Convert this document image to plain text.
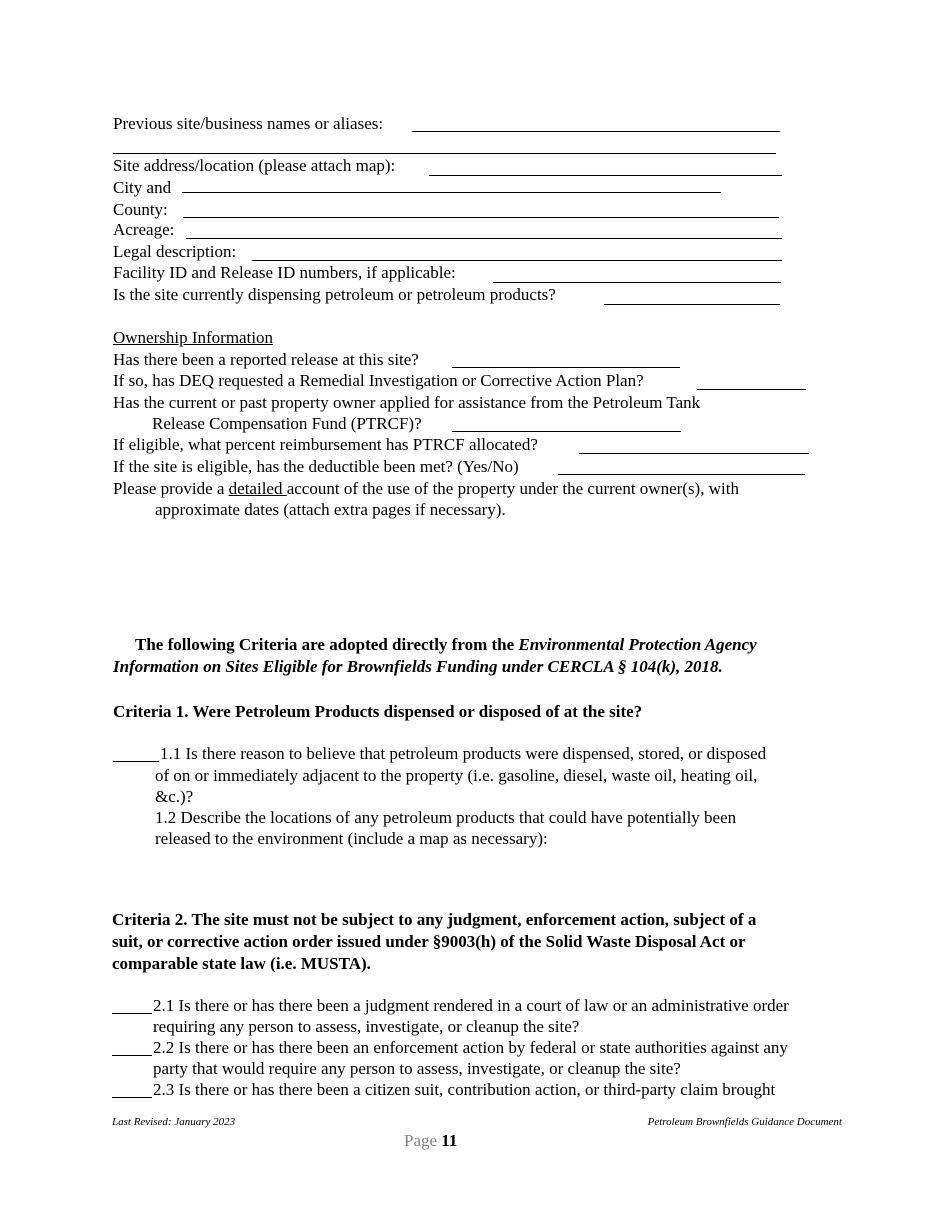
Previous site/business names or aliases:
Site address/location (please attach map):
City and
County:
Acreage:
Legal description:
Facility ID and Release ID numbers, if applicable:
Is the site currently dispensing petroleum or petroleum products?
Ownership Information
Has there been a reported release at this site?
If so, has DEQ requested a Remedial Investigation or Corrective Action Plan?
Has the current or past property owner applied for assistance from the Petroleum Tank
Release Compensation Fund (PTRCF)?
If eligible, what percent reimbursement has PTRCF allocated?
If the site is eligible, has the deductible been met? (Yes/No)
Please provide a detailed account of the use of the property under the current owner(s), with
approximate dates (attach extra pages if necessary).
The following Criteria are adopted directly from the Environmental Protection Agency
Information on Sites Eligible for Brownfields Funding under CERCLA § 104(k), 2018.
Criteria 1. Were Petroleum Products dispensed or disposed of at the site?
1.1 Is there reason to believe that petroleum products were dispensed, stored, or disposed
of on or immediately adjacent to the property (i.e. gasoline, diesel, waste oil, heating oil,
&c.)?
1.2 Describe the locations of any petroleum products that could have potentially been
released to the environment (include a map as necessary):
Criteria 2. The site must not be subject to any judgment, enforcement action, subject of a
suit, or corrective action order issued under §9003(h) of the Solid Waste Disposal Act or
comparable state law (i.e. MUSTA).
2.1 Is there or has there been a judgment rendered in a court of law or an administrative order
requiring any person to assess, investigate, or cleanup the site?
2.2 Is there or has there been an enforcement action by federal or state authorities against any
party that would require any person to assess, investigate, or cleanup the site?
2.3 Is there or has there been a citizen suit, contribution action, or third-party claim brought
Last Revised: January 2023	Petroleum Brownfields Guidance Document
Page 11
